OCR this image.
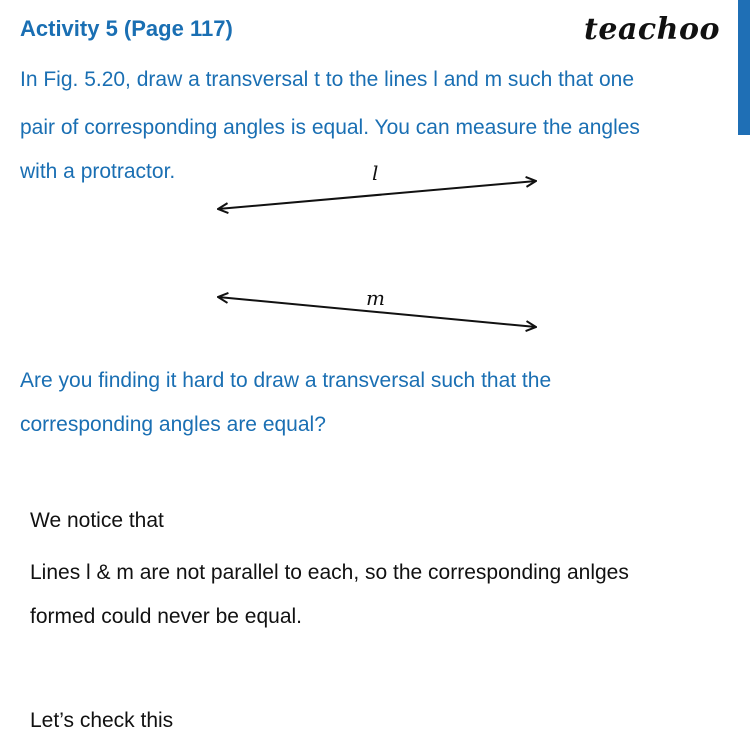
Activity 5 (Page 117)	teachoo
In Fig. 5.20, draw a transversal t to the lines l and m such that one
pair of corresponding angles is equal. You can measure the angles
with a protractor.	l
m
Are you finding it hard to draw a transversal such that the
corresponding angles are equal?
We notice that
Lines l & m are not parallel to each, so the corresponding anlges
formed could never be equal.
Let’s check this
